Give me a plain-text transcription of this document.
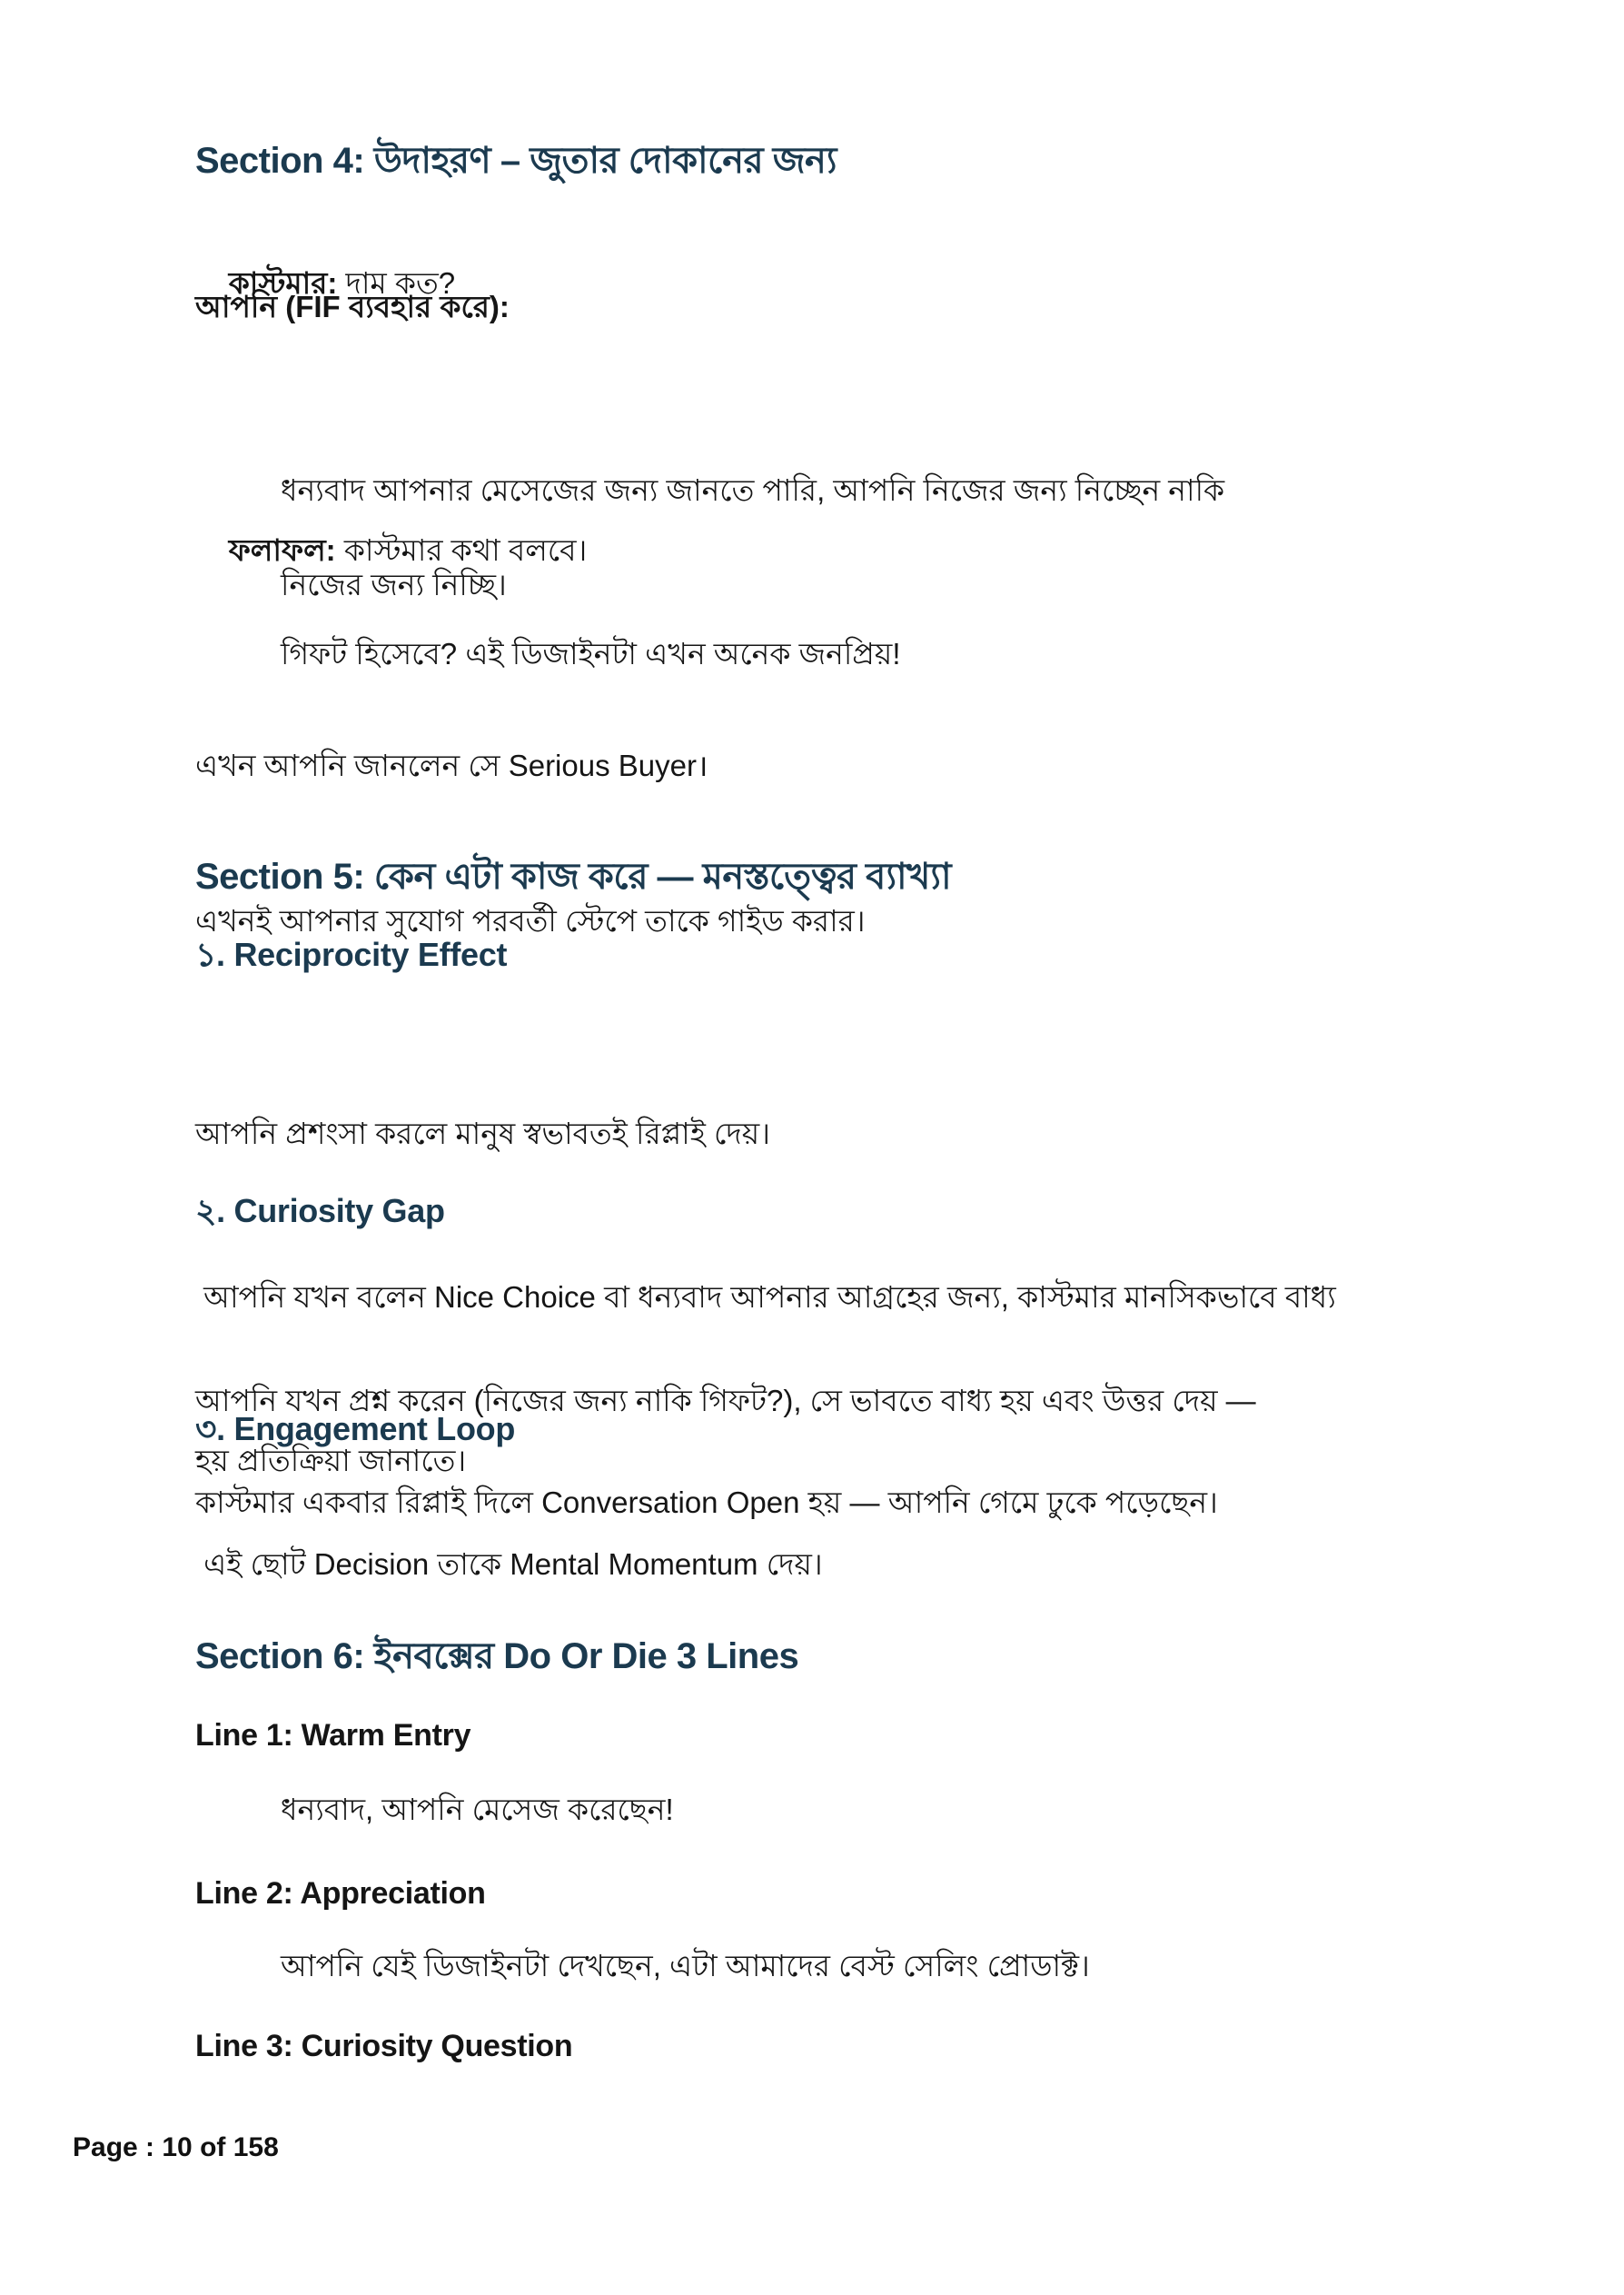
Section 4: উদাহরণ – জুতার দোকানের জন্য

কাস্টমার: দাম কত?

আপনি (FIF ব্যবহার করে):

ধন্যবাদ আপনার মেসেজের জন্য জানতে পারি, আপনি নিজের জন্য নিচ্ছেন নাকি

গিফট হিসেবে? এই ডিজাইনটা এখন অনেক জনপ্রিয়!

ফলাফল: কাস্টমার কথা বলবে।

নিজের জন্য নিচ্ছি।

এখন আপনি জানলেন সে Serious Buyer।

এখনই আপনার সুযোগ পরবর্তী স্টেপে তাকে গাইড করার।

Section 5: কেন এটা কাজ করে — মনস্তত্ত্বের ব্যাখ্যা
১. Reciprocity Effect

আপনি প্রশংসা করলে মানুষ স্বভাবতই রিপ্লাই দেয়।

আপনি যখন বলেন Nice Choice বা ধন্যবাদ আপনার আগ্রহের জন্য, কাস্টমার মানসিকভাবে বাধ্য

হয় প্রতিক্রিয়া জানাতে।

২. Curiosity Gap

আপনি যখন প্রশ্ন করেন (নিজের জন্য নাকি গিফট?), সে ভাবতে বাধ্য হয় এবং উত্তর দেয় —

এই ছোট Decision তাকে Mental Momentum দেয়।

৩. Engagement Loop
কাস্টমার একবার রিপ্লাই দিলে Conversation Open হয় — আপনি গেমে ঢুকে পড়েছেন।
Section 6: ইনবক্সের Do Or Die 3 Lines
Line 1: Warm Entry
ধন্যবাদ, আপনি মেসেজ করেছেন!
Line 2: Appreciation
আপনি যেই ডিজাইনটা দেখছেন, এটা আমাদের বেস্ট সেলিং প্রোডাক্ট।
Line 3: Curiosity Question
Page : 10 of 158
